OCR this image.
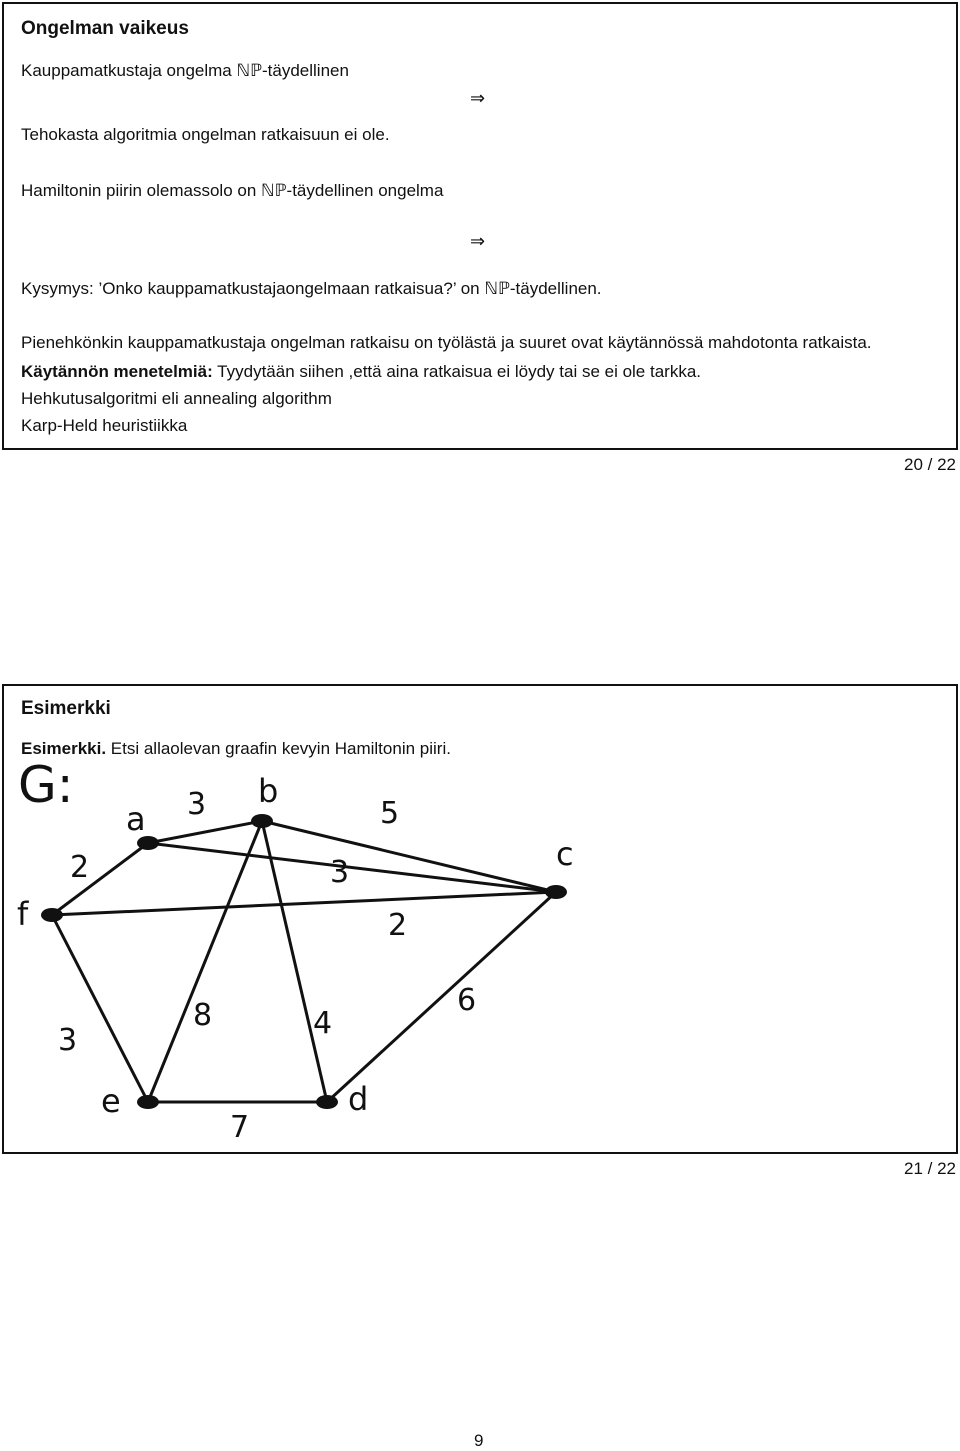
Ongelman vaikeus
Kauppamatkustaja ongelma ℕℙ-täydellinen
⇒
Tehokasta algoritmia ongelman ratkaisuun ei ole.
Hamiltonin piirin olemassolo on ℕℙ-täydellinen ongelma
⇒
Kysymys: ’Onko kauppamatkustajaongelmaan ratkaisua?’ on ℕℙ-täydellinen.
Pienehkönkin kauppamatkustaja ongelman ratkaisu on työlästä ja suuret ovat käytännössä mahdotonta ratkaista.
Käytännön menetelmiä: Tyydytään siihen ,että aina ratkaisua ei löydy tai se ei ole tarkka.
Hehkutusalgoritmi eli annealing algorithm
Karp-Held heuristiikka
20 / 22
Esimerkki
Esimerkki. Etsi allaolevan graafin kevyin Hamiltonin piiri.
G:
2
3	5
3
2
3
8	4
6
7
f
a
b
c
d
e
21 / 22
9
